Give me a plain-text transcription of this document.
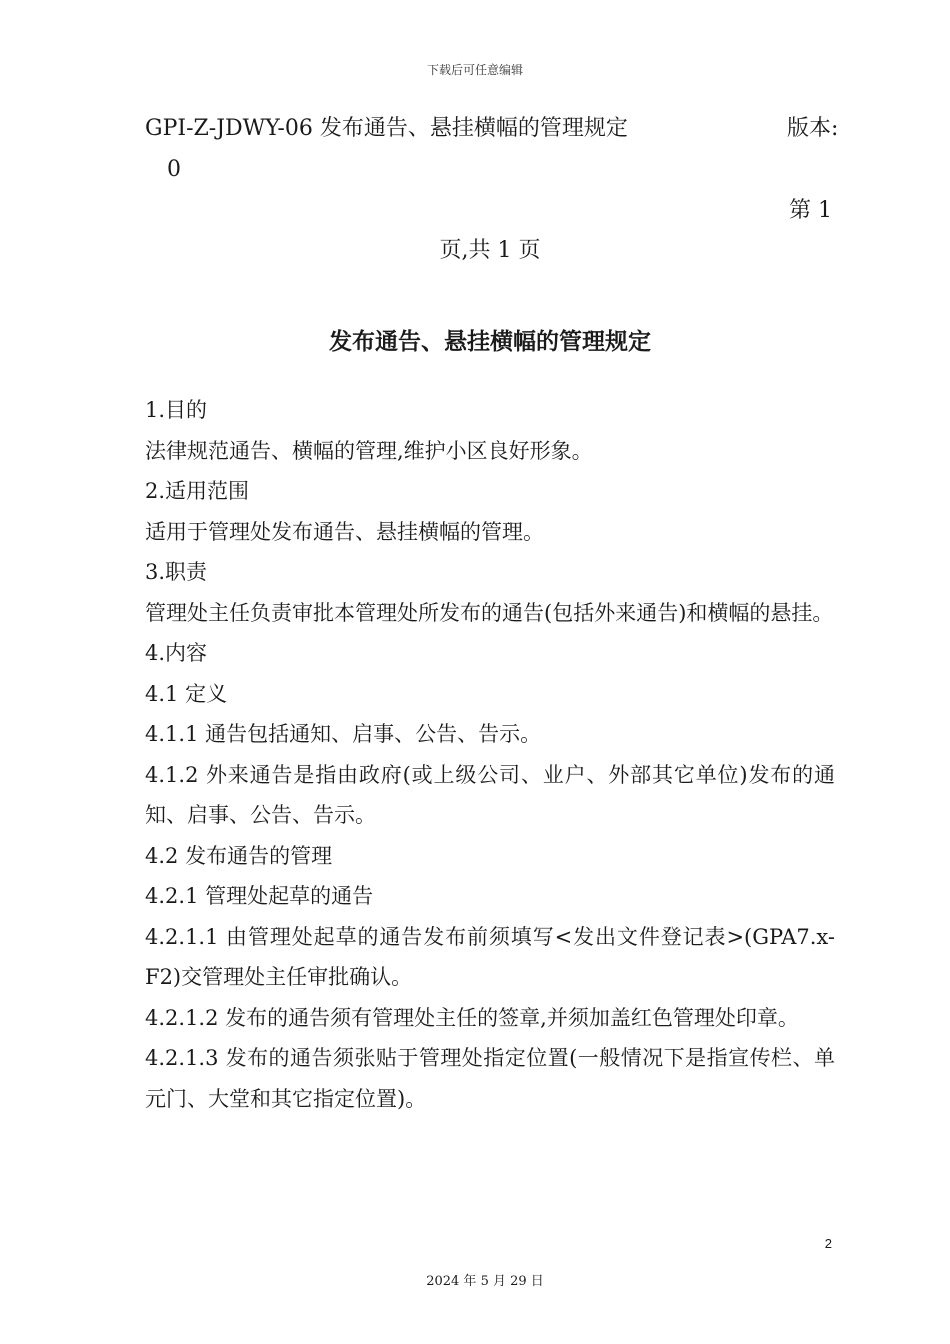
下载后可任意编辑
GPI-Z-JDWY-06 发布通告、悬挂横幅的管理规定	版本:
0
第 1
页,共 1 页
发布通告、悬挂横幅的管理规定

1.目的

法律规范通告、横幅的管理,维护小区良好形象。

2.适用范围

适用于管理处发布通告、悬挂横幅的管理。

3.职责

管理处主任负责审批本管理处所发布的通告(包括外来通告)和横幅的悬挂。

4.内容

4.1 定义

4.1.1 通告包括通知、启事、公告、告示。

4.1.2 外来通告是指由政府(或上级公司、业户、外部其它单位)发布的通知、启事、公告、告示。

4.2 发布通告的管理

4.2.1 管理处起草的通告

4.2.1.1 由管理处起草的通告发布前须填写<发出文件登记表>(GPA7.x-F2)交管理处主任审批确认。

4.2.1.2 发布的通告须有管理处主任的签章,并须加盖红色管理处印章。

4.2.1.3 发布的通告须张贴于管理处指定位置(一般情况下是指宣传栏、单元门、大堂和其它指定位置)。

2
2024 年 5 月 29 日
